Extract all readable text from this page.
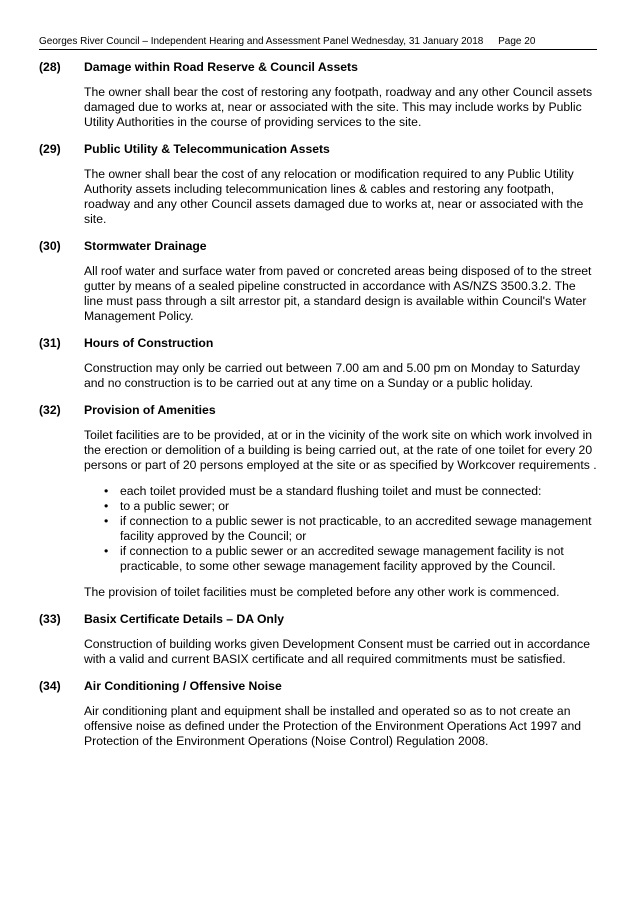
Georges River Council – Independent Hearing and Assessment Panel Wednesday, 31 January 2018 Page 20
(28)	Damage within Road Reserve & Council Assets
The owner shall bear the cost of restoring any footpath, roadway and any other Council assets damaged due to works at, near or associated with the site. This may include works by Public Utility Authorities in the course of providing services to the site.
(29)	Public Utility & Telecommunication Assets
The owner shall bear the cost of any relocation or modification required to any Public Utility Authority assets including telecommunication lines & cables and restoring any footpath, roadway and any other Council assets damaged due to works at, near or associated with the site.
(30)	Stormwater Drainage
All roof water and surface water from paved or concreted areas being disposed of to the street gutter by means of a sealed pipeline constructed in accordance with AS/NZS 3500.3.2. The line must pass through a silt arrestor pit, a standard design is available within Council's Water Management Policy.
(31)	Hours of Construction
Construction may only be carried out between 7.00 am and 5.00 pm on Monday to Saturday and no construction is to be carried out at any time on a Sunday or a public holiday.
(32)	Provision of Amenities
Toilet facilities are to be provided, at or in the vicinity of the work site on which work involved in the erection or demolition of a building is being carried out, at the rate of one toilet for every 20 persons or part of 20 persons employed at the site or as specified by Workcover requirements .
• each toilet provided must be a standard flushing toilet and must be connected:
• to a public sewer; or
• if connection to a public sewer is not practicable, to an accredited sewage management facility approved by the Council; or
• if connection to a public sewer or an accredited sewage management facility is not practicable, to some other sewage management facility approved by the Council.
The provision of toilet facilities must be completed before any other work is commenced.
(33)	Basix Certificate Details – DA Only
Construction of building works given Development Consent must be carried out in accordance with a valid and current BASIX certificate and all required commitments must be satisfied.
(34)	Air Conditioning / Offensive Noise
Air conditioning plant and equipment shall be installed and operated so as to not create an offensive noise as defined under the Protection of the Environment Operations Act 1997 and Protection of the Environment Operations (Noise Control) Regulation 2008.
